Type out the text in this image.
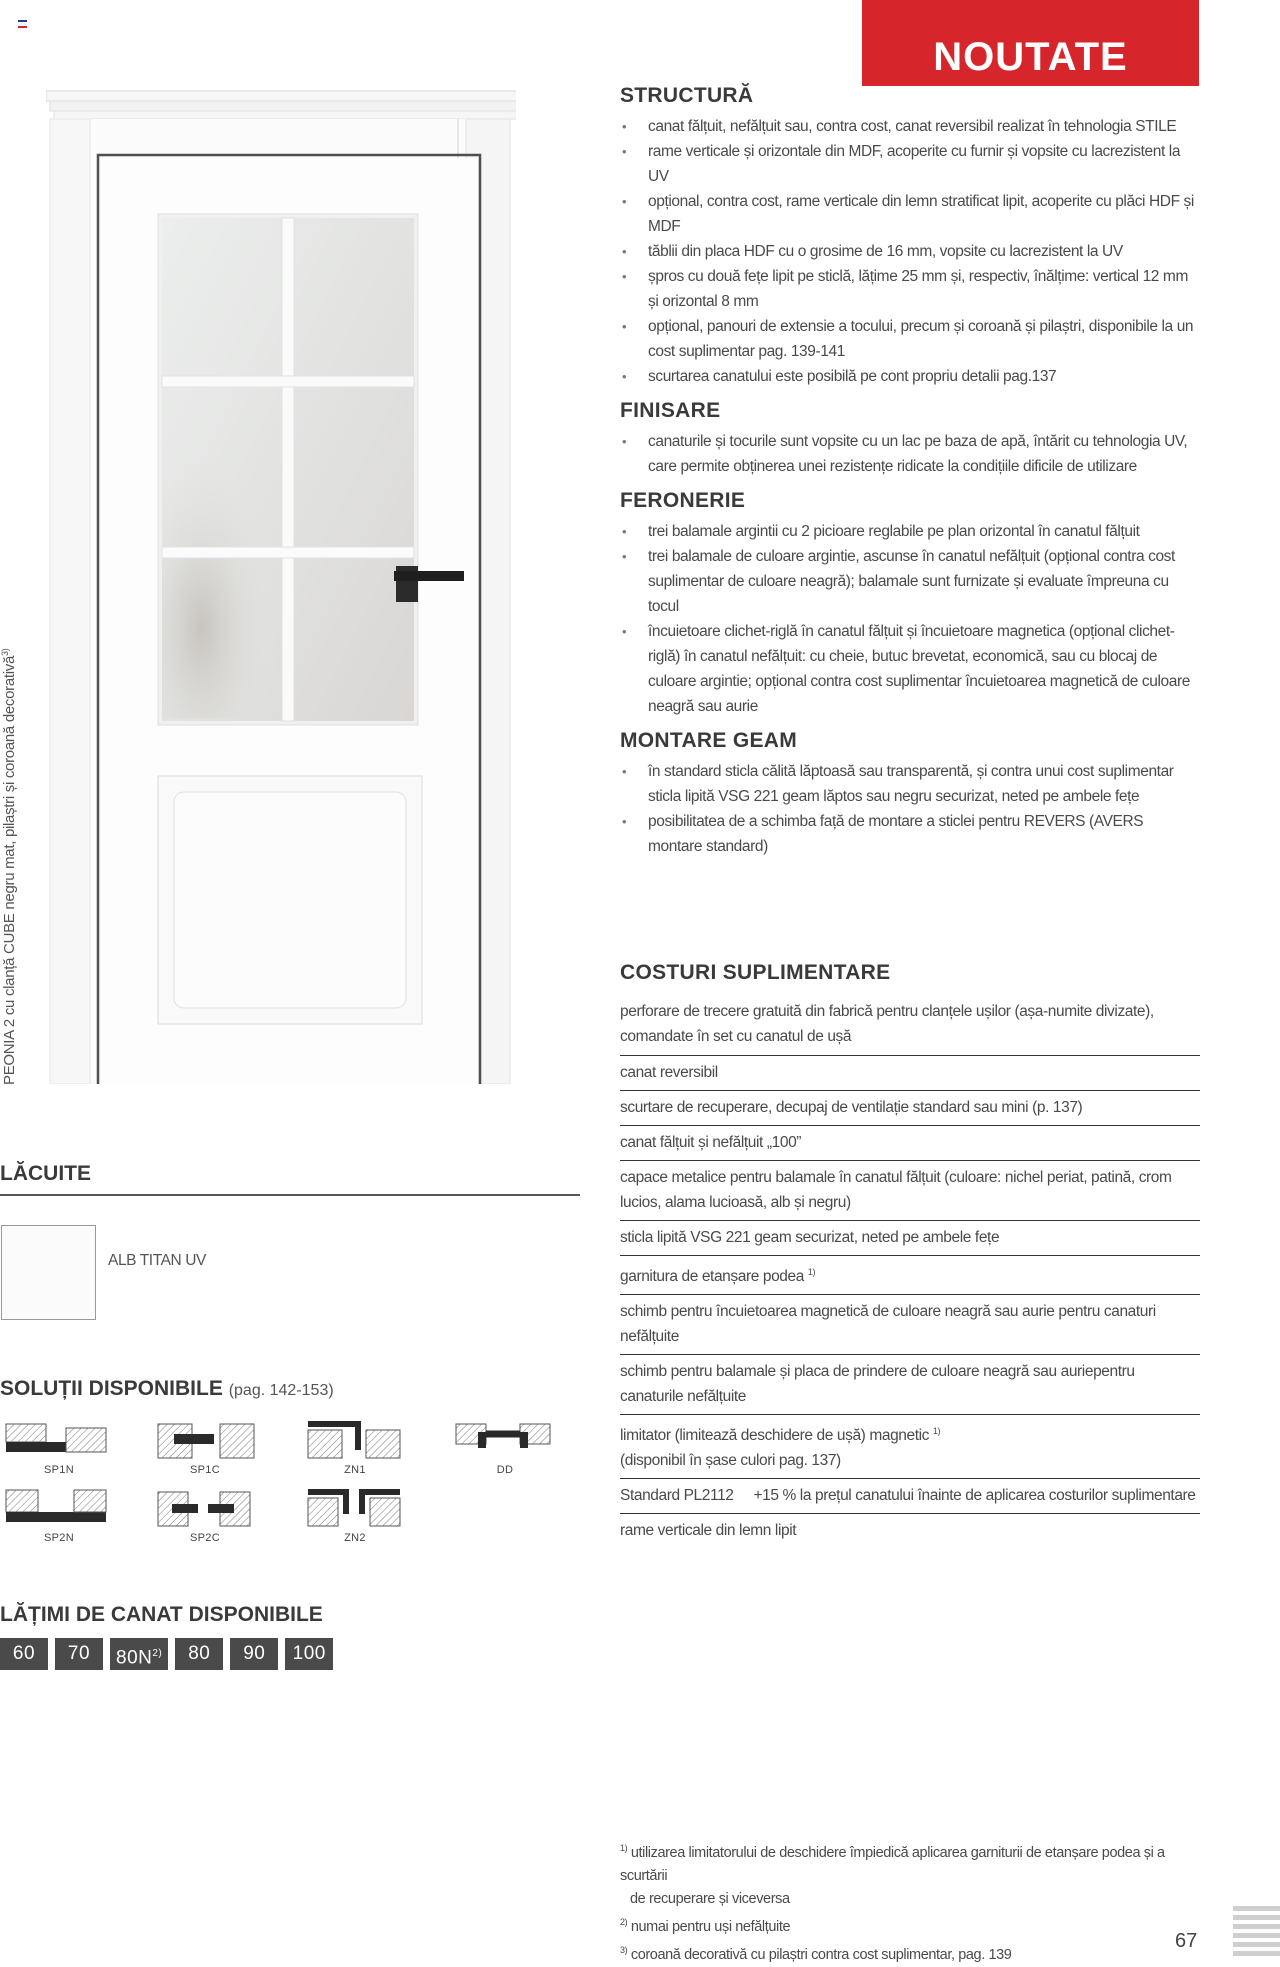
NOUTATE
PEONIA 2 cu clanță CUBE negru mat, pilaștri și coroană decorativă$^{3)}$
STRUCTURĂ
• canat fălțuit, nefălțuit sau, contra cost, canat reversibil realizat în tehnologia STILE
• rame verticale și orizontale din MDF, acoperite cu furnir și vopsite cu lacrezistent la UV
• opțional, contra cost, rame verticale din lemn stratificat lipit, acoperite cu plăci HDF și MDF
• tăblii din placa HDF cu o grosime de 16 mm, vopsite cu lacrezistent la UV
• șpros cu două fețe lipit pe sticlă, lățime 25 mm și, respectiv, înălțime: vertical 12 mm și orizontal 8 mm
• opțional, panouri de extensie a tocului, precum și coroană și pilaștri, disponibile la un cost suplimentar pag. 139-141
• scurtarea canatului este posibilă pe cont propriu detalii pag.137
FINISARE
• canaturile și tocurile sunt vopsite cu un lac pe baza de apă, întărit cu tehnologia UV, care permite obținerea unei rezistențe ridicate la condițiile dificile de utilizare
FERONERIE
• trei balamale argintii cu 2 picioare reglabile pe plan orizontal în canatul fălțuit
• trei balamale de culoare argintie, ascunse în canatul nefălțuit (opțional contra cost suplimentar de culoare neagră); balamale sunt furnizate și evaluate împreuna cu tocul
• încuietoare clichet-riglă în canatul fălțuit și încuietoare magnetica (opțional clichet-riglă) în canatul nefălțuit: cu cheie, butuc brevetat, economică, sau cu blocaj de culoare argintie; opțional contra cost suplimentar încuietoarea magnetică de culoare neagră sau aurie
MONTARE GEAM
• în standard sticla călită lăptoasă sau transparentă, și contra unui cost suplimentar sticla lipită VSG 221 geam lăptos sau negru securizat, neted pe ambele fețe
• posibilitatea de a schimba față de montare a sticlei pentru REVERS (AVERS montare standard)
COSTURI SUPLIMENTARE
perforare de trecere gratuită din fabrică pentru clanțele ușilor (așa-numite divizate), comandate în set cu canatul de ușă
canat reversibil
scurtare de recuperare, decupaj de ventilație standard sau mini (p. 137)
canat fălțuit și nefălțuit „100”
capace metalice pentru balamale în canatul fălțuit (culoare: nichel periat, patină, crom lucios, alama lucioasă, alb și negru)
sticla lipită VSG 221 geam securizat, neted pe ambele fețe
garnitura de etanșare podea $^{1)}$
schimb pentru încuietoarea magnetică de culoare neagră sau aurie pentru canaturi nefălțuite
schimb pentru balamale și placa de prindere de culoare neagră sau auriepentru canaturile nefălțuite
limitator (limitează deschidere de ușă) magnetic $^{1)}$
(disponibil în șase culori pag. 137)
Standard PL2112 +15 % la prețul canatului înainte de aplicarea costurilor suplimentare
rame verticale din lemn lipit
LĂCUITE
ALB TITAN UV
SOLUȚII DISPONIBILE (pag. 142-153)
SP1N	SP1C	ZN1	DD
SP2N	SP2C	ZN2
LĂȚIMI DE CANAT DISPONIBILE
60	70	$80N^{2)}$	80	90	100
$^{1)}$ utilizarea limitatorului de deschidere împiedică aplicarea garniturii de etanșare podea și a scurtării
de recuperare și viceversa
$^{2)}$ numai pentru uși nefălțuite
$^{3)}$ coroană decorativă cu pilaștri contra cost suplimentar, pag. 139
67
